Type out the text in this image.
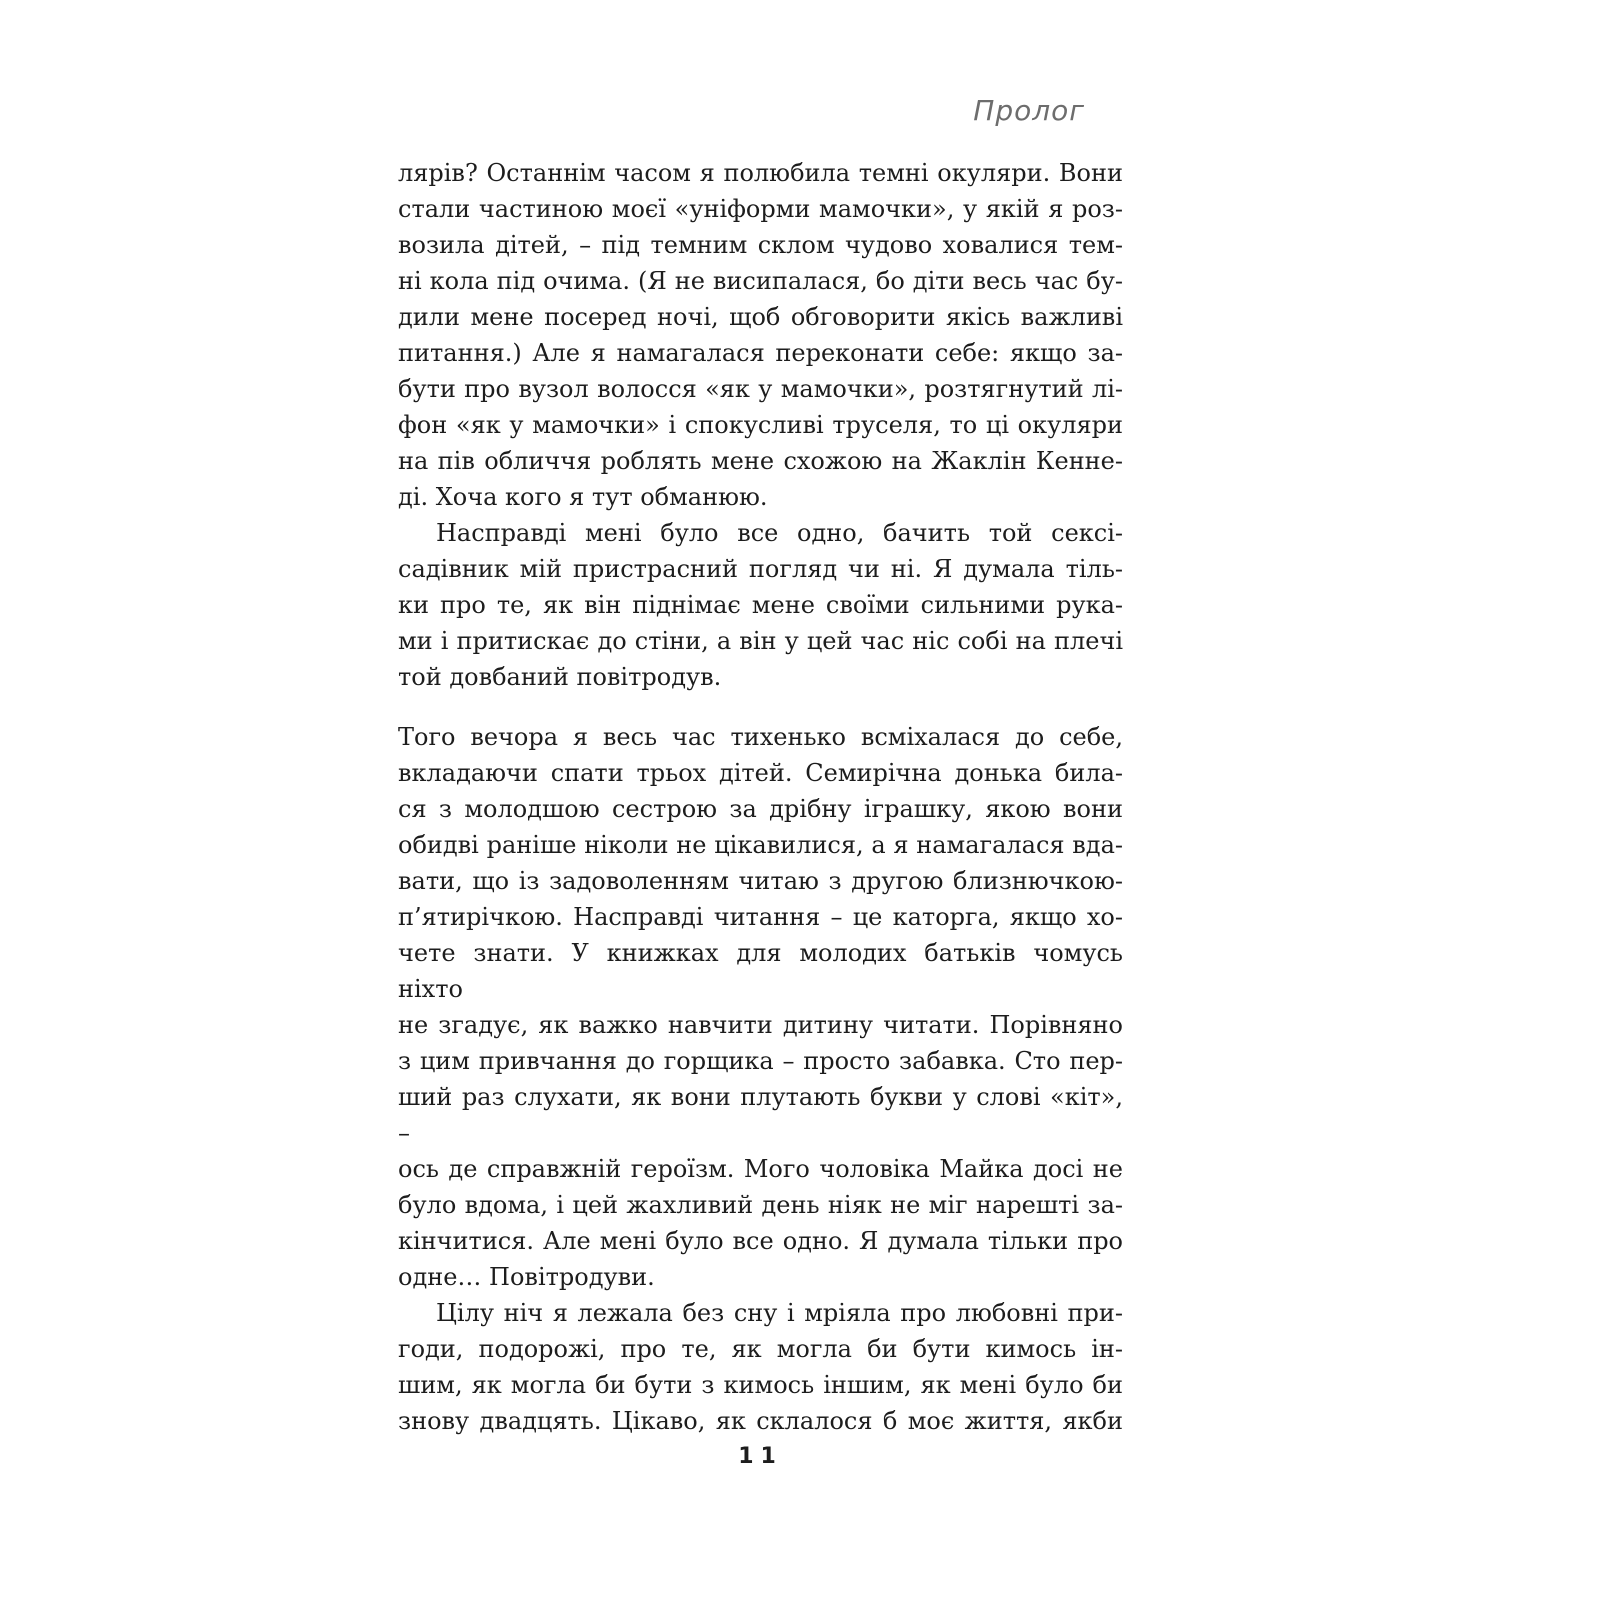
Пролог
лярів? Останнім часом я полюбила темні окуляри. Вони
стали частиною моєї «уніформи мамочки», у якій я роз-
возила дітей, – під темним склом чудово ховалися тем-
ні кола під очима. (Я не висипалася, бо діти весь час бу-
дили мене посеред ночі, щоб обговорити якісь важливі
питання.) Але я намагалася переконати себе: якщо за-
бути про вузол волосся «як у мамочки», розтягнутий лі-
фон «як у мамочки» і спокусливі труселя, то ці окуляри
на пів обличчя роблять мене схожою на Жаклін Кенне-
ді. Хоча кого я тут обманюю.
Насправді мені було все одно, бачить той сексі-
садівник мій пристрасний погляд чи ні. Я думала тіль-
ки про те, як він піднімає мене своїми сильними рука-
ми і притискає до стіни, а він у цей час ніс собі на плечі
той довбаний повітродув.
Того вечора я весь час тихенько всміхалася до себе,
вкладаючи спати трьох дітей. Семирічна донька била-
ся з молодшою сестрою за дрібну іграшку, якою вони
обидві раніше ніколи не цікавилися, а я намагалася вда-
вати, що із задоволенням читаю з другою близнючкою-
п’ятирічкою. Насправді читання – це каторга, якщо хо-
чете знати. У книжках для молодих батьків чомусь ніхто
не згадує, як важко навчити дитину читати. Порівняно
з цим привчання до горщика – просто забавка. Сто пер-
ший раз слухати, як вони плутають букви у слові «кіт», –
ось де справжній героїзм. Мого чоловіка Майка досі не
було вдома, і цей жахливий день ніяк не міг нарешті за-
кінчитися. Але мені було все одно. Я думала тільки про
одне… Повітродуви.
Цілу ніч я лежала без сну і мріяла про любовні при-
годи, подорожі, про те, як могла би бути кимось ін-
шим, як могла би бути з кимось іншим, як мені було би
знову двадцять. Цікаво, як склалося б моє життя, якби
11
